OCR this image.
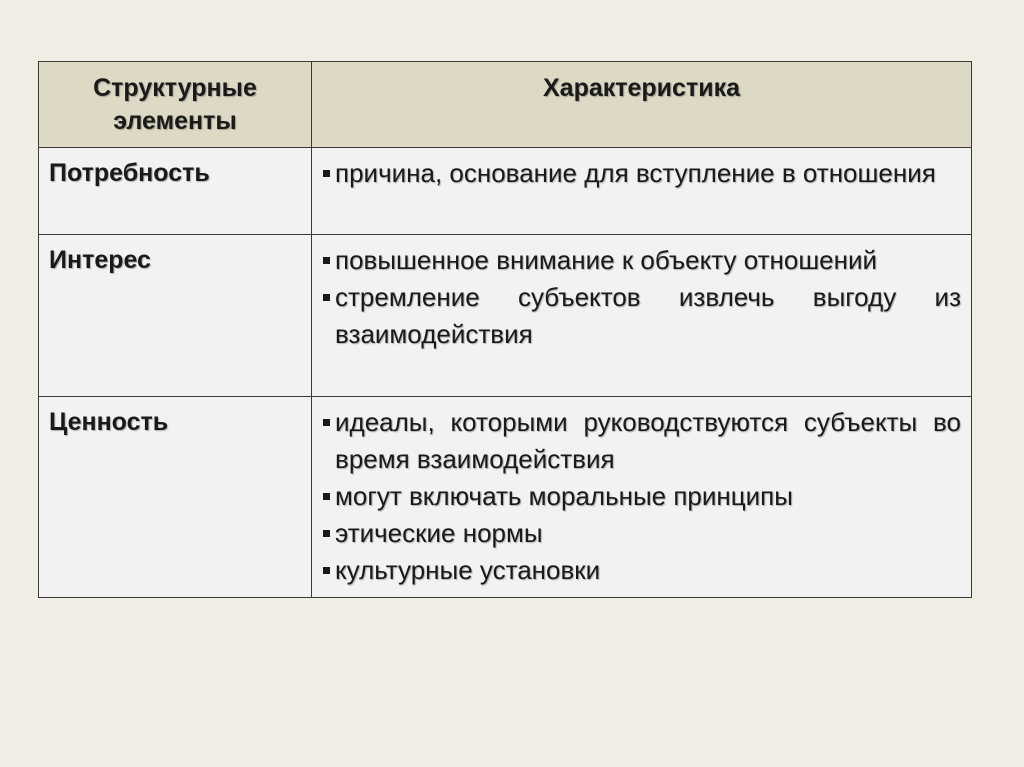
Структурные элементы	Характеристика
Потребность	причина, основание для вступление в отношения

Интерес	повышенное внимание к объекту отношений
стремление субъектов извлечь выгоду из взаимодействия

Ценность	идеалы, которыми руководствуются субъекты во время взаимодействия
могут включать моральные принципы
этические нормы
культурные установки
